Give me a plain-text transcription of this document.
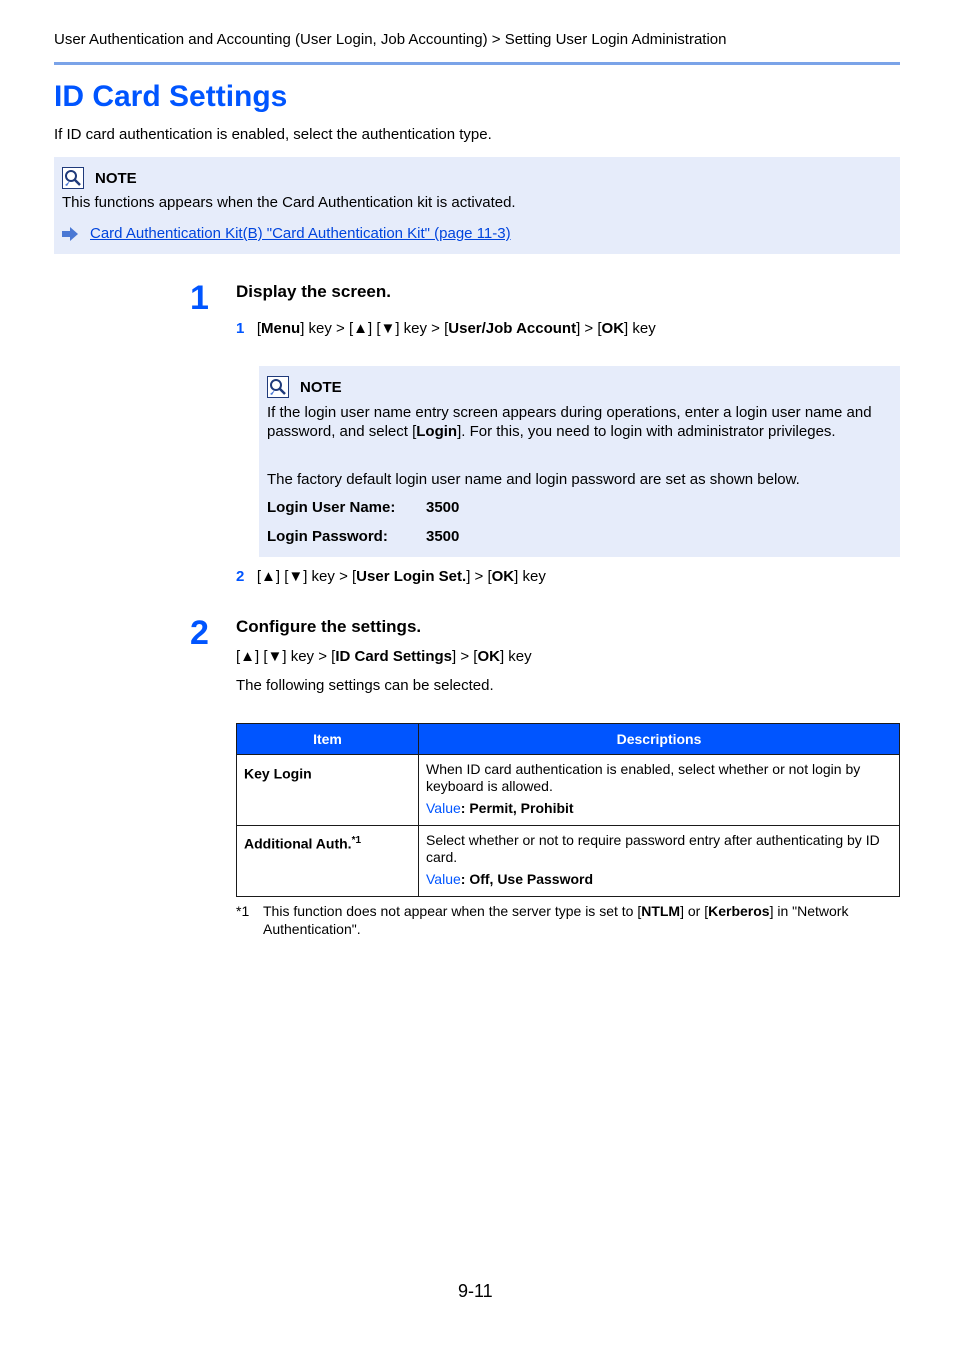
User Authentication and Accounting (User Login, Job Accounting) > Setting User Login Administration
ID Card Settings
If ID card authentication is enabled, select the authentication type.
NOTE
This functions appears when the Card Authentication kit is activated.
Card Authentication Kit(B) "Card Authentication Kit" (page 11-3)
1 Display the screen.
1 [Menu] key > [▲] [▼] key > [User/Job Account] > [OK] key
NOTE
If the login user name entry screen appears during operations, enter a login user name and password, and select [Login]. For this, you need to login with administrator privileges.
The factory default login user name and login password are set as shown below.
Login User Name: 3500
Login Password:	3500
2 [▲] [▼] key > [User Login Set.] > [OK] key
2 Configure the settings.
[▲] [▼] key > [ID Card Settings] > [OK] key
The following settings can be selected.
Item	Descriptions
Key Login	When ID card authentication is enabled, select whether or not login by keyboard is allowed.
Value: Permit, Prohibit

Additional Auth.$^{*1}$	Select whether or not to require password entry after authenticating by ID card.
Value: Off, Use Password
*1 This function does not appear when the server type is set to [NTLM] or [Kerberos] in "Network Authentication".
9-11
